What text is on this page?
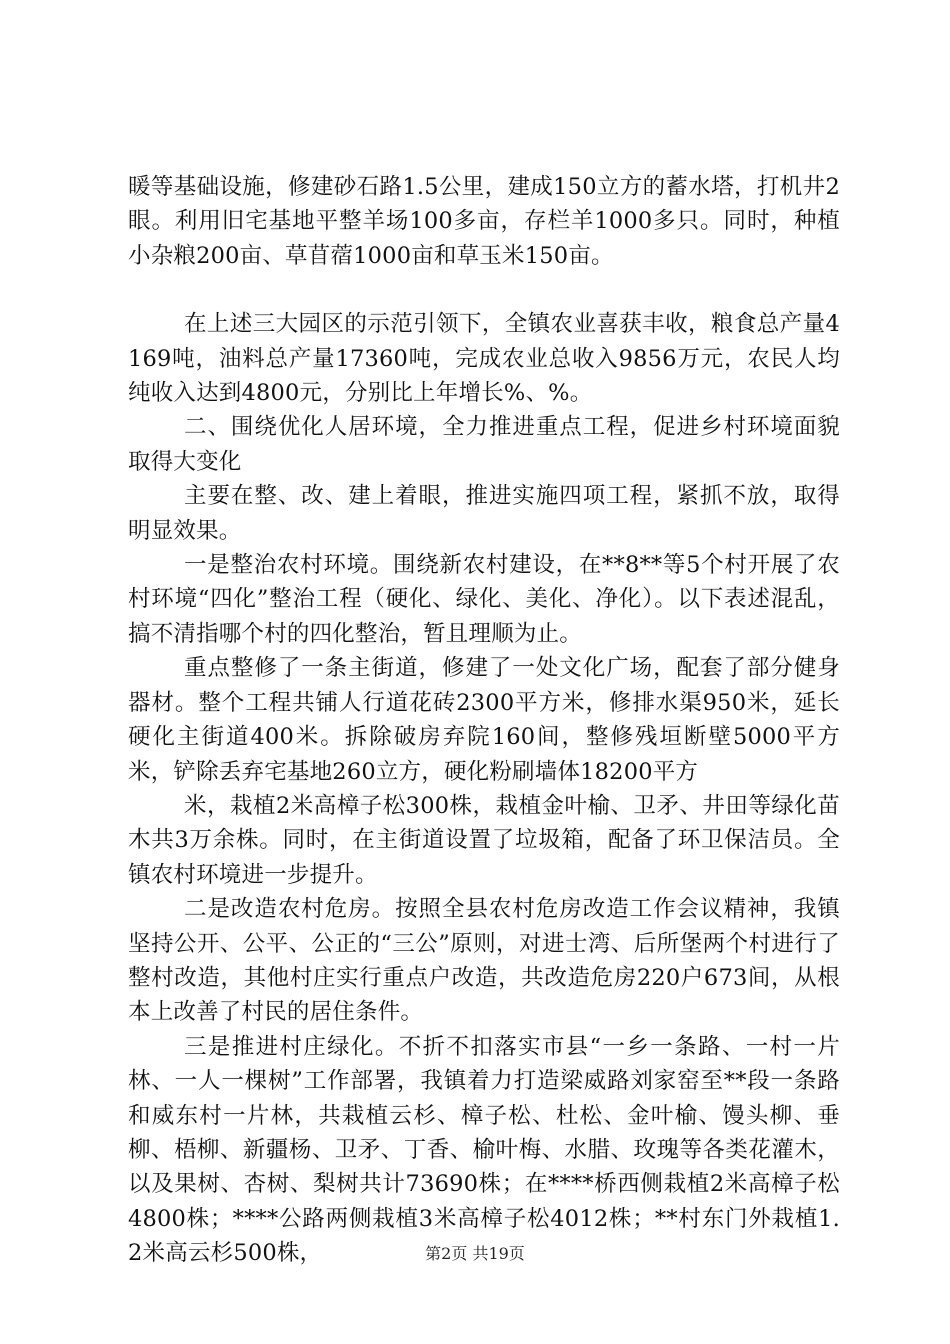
暖等基础设施，修建砂石路1.5公里，建成150立方的蓄水塔，打机井2眼。利用旧宅基地平整羊场100多亩，存栏羊1000多只。同时，种植小杂粮200亩、草苜蓿1000亩和草玉米150亩。

在上述三大园区的示范引领下，全镇农业喜获丰收，粮食总产量4169吨，油料总产量17360吨，完成农业总收入9856万元，农民人均纯收入达到4800元，分别比上年增长%、%。

二、围绕优化人居环境，全力推进重点工程，促进乡村环境面貌取得大变化

主要在整、改、建上着眼，推进实施四项工程，紧抓不放，取得明显效果。

一是整治农村环境。围绕新农村建设，在**8**等5个村开展了农村环境“四化”整治工程（硬化、绿化、美化、净化）。以下表述混乱，搞不清指哪个村的四化整治，暂且理顺为止。

重点整修了一条主街道，修建了一处文化广场，配套了部分健身器材。整个工程共铺人行道花砖2300平方米，修排水渠950米，延长硬化主街道400米。拆除破房弃院160间，整修残垣断壁5000平方米，铲除丢弃宅基地260立方，硬化粉刷墙体18200平方

米，栽植2米高樟子松300株，栽植金叶榆、卫矛、井田等绿化苗木共3万余株。同时，在主街道设置了垃圾箱，配备了环卫保洁员。全镇农村环境进一步提升。

二是改造农村危房。按照全县农村危房改造工作会议精神，我镇坚持公开、公平、公正的“三公”原则，对进士湾、后所堡两个村进行了整村改造，其他村庄实行重点户改造，共改造危房220户673间，从根本上改善了村民的居住条件。

三是推进村庄绿化。不折不扣落实市县“一乡一条路、一村一片林、一人一棵树”工作部署，我镇着力打造梁威路刘家窑至**段一条路和威东村一片林，共栽植云杉、樟子松、杜松、金叶榆、馒头柳、垂柳、梧柳、新疆杨、卫矛、丁香、榆叶梅、水腊、玫瑰等各类花灌木，以及果树、杏树、梨树共计73690株；在****桥西侧栽植2米高樟子松4800株；****公路两侧栽植3米高樟子松4012株；**村东门外栽植1.2米高云杉500株，	第2页 共19页
